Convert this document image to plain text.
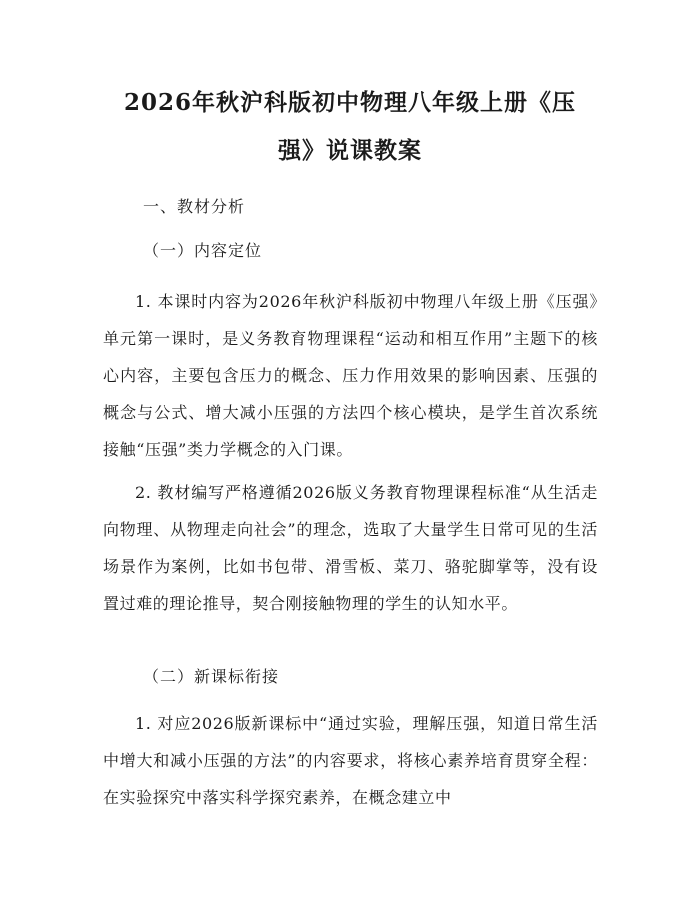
2026年秋沪科版初中物理八年级上册《压
强》说课教案
一、教材分析
（一）内容定位
1. 本课时内容为2026年秋沪科版初中物理八年级上册《压强》单元第一课时，是义务教育物理课程“运动和相互作用”主题下的核心内容，主要包含压力的概念、压力作用效果的影响因素、压强的概念与公式、增大减小压强的方法四个核心模块，是学生首次系统接触“压强”类力学概念的入门课。
2. 教材编写严格遵循2026版义务教育物理课程标准“从生活走向物理、从物理走向社会”的理念，选取了大量学生日常可见的生活场景作为案例，比如书包带、滑雪板、菜刀、骆驼脚掌等，没有设置过难的理论推导，契合刚接触物理的学生的认知水平。
（二）新课标衔接
1. 对应2026版新课标中“通过实验，理解压强，知道日常生活中增大和减小压强的方法”的内容要求，将核心素养培育贯穿全程：在实验探究中落实科学探究素养，在概念建立中
